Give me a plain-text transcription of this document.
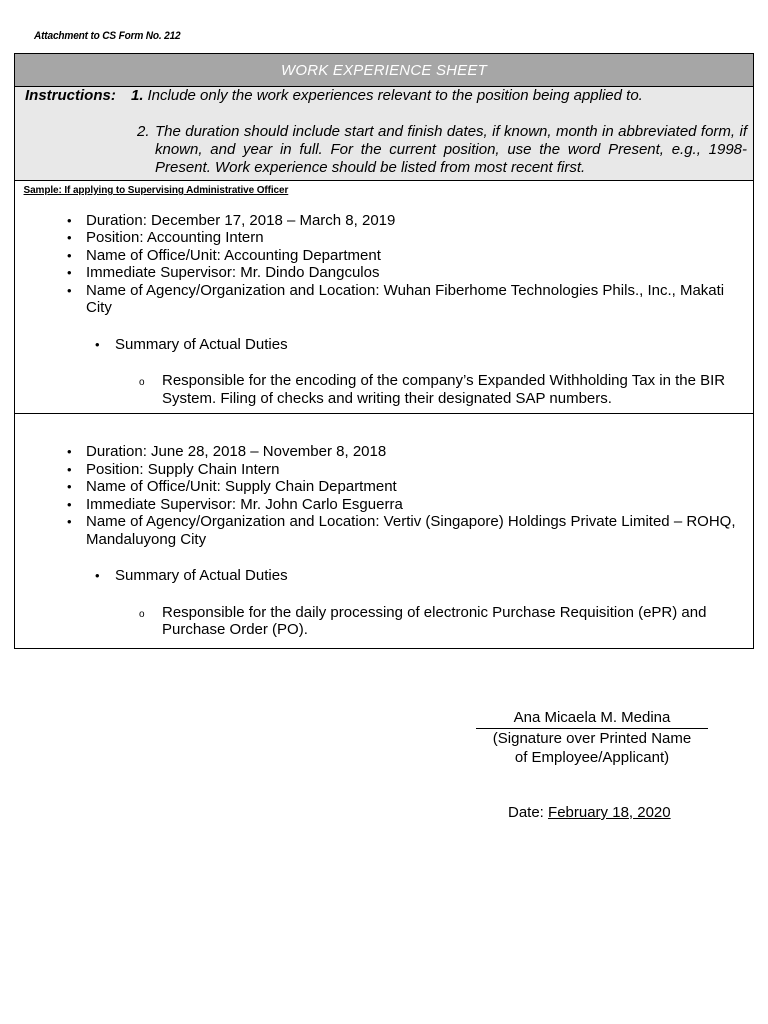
Attachment to CS Form No. 212
WORK EXPERIENCE SHEET
Instructions:	1. Include only the work experiences relevant to the position being applied to.
2. The duration should include start and finish dates, if known, month in abbreviated form, if known, and year in full. For the current position, use the word Present, e.g., 1998-Present. Work experience should be listed from most recent first.
Sample: If applying to Supervising Administrative Officer
• Duration: December 17, 2018 – March 8, 2019
• Position: Accounting Intern
• Name of Office/Unit: Accounting Department
• Immediate Supervisor: Mr. Dindo Dangculos
• Name of Agency/Organization and Location: Wuhan Fiberhome Technologies Phils., Inc., Makati City
• Summary of Actual Duties
o Responsible for the encoding of the company’s Expanded Withholding Tax in the BIR System. Filing of checks and writing their designated SAP numbers.
• Duration: June 28, 2018 – November 8, 2018
• Position: Supply Chain Intern
• Name of Office/Unit: Supply Chain Department
• Immediate Supervisor: Mr. John Carlo Esguerra
• Name of Agency/Organization and Location: Vertiv (Singapore) Holdings Private Limited – ROHQ, Mandaluyong City
• Summary of Actual Duties
o Responsible for the daily processing of electronic Purchase Requisition (ePR) and Purchase Order (PO).
Ana Micaela M. Medina
(Signature over Printed Name
of Employee/Applicant)
Date: February 18, 2020
